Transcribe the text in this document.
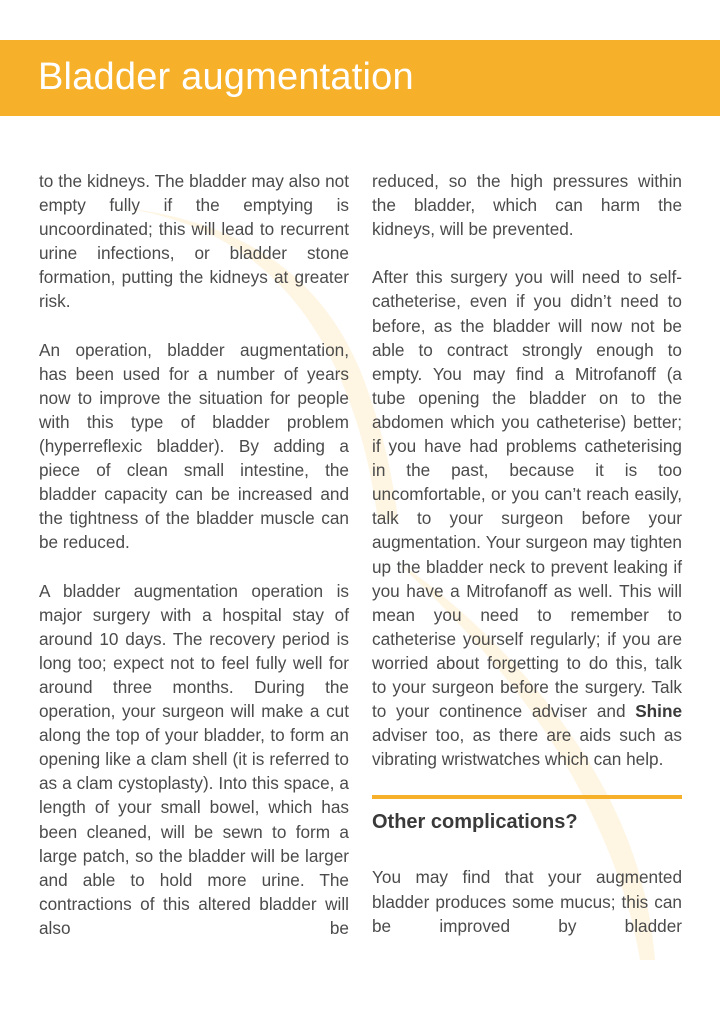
Bladder augmentation

to the kidneys. The bladder may also not empty fully if the emptying is uncoordinated; this will lead to recurrent urine infections, or bladder stone formation, putting the kidneys at greater risk.

An operation, bladder augmentation, has been used for a number of years now to improve the situation for people with this type of bladder problem (hyperreflexic bladder). By adding a piece of clean small intestine, the bladder capacity can be increased and the tightness of the bladder muscle can be reduced.

A bladder augmentation operation is major surgery with a hospital stay of around 10 days. The recovery period is long too; expect not to feel fully well for around three months. During the operation, your surgeon will make a cut along the top of your bladder, to form an opening like a clam shell (it is referred to as a clam cystoplasty). Into this space, a length of your small bowel, which has been cleaned, will be sewn to form a large patch, so the bladder will be larger and able to hold more urine. The contractions of this altered bladder will also be

reduced, so the high pressures within the bladder, which can harm the kidneys, will be prevented.

After this surgery you will need to self-catheterise, even if you didn’t need to before, as the bladder will now not be able to contract strongly enough to empty. You may find a Mitrofanoff (a tube opening the bladder on to the abdomen which you catheterise) better; if you have had problems catheterising in the past, because it is too uncomfortable, or you can’t reach easily, talk to your surgeon before your augmentation. Your surgeon may tighten up the bladder neck to prevent leaking if you have a Mitrofanoff as well. This will mean you need to remember to catheterise yourself regularly; if you are worried about forgetting to do this, talk to your surgeon before the surgery. Talk to your continence adviser and Shine adviser too, as there are aids such as vibrating wristwatches which can help.

Other complications?

You may find that your augmented bladder produces some mucus; this can be improved by bladder
